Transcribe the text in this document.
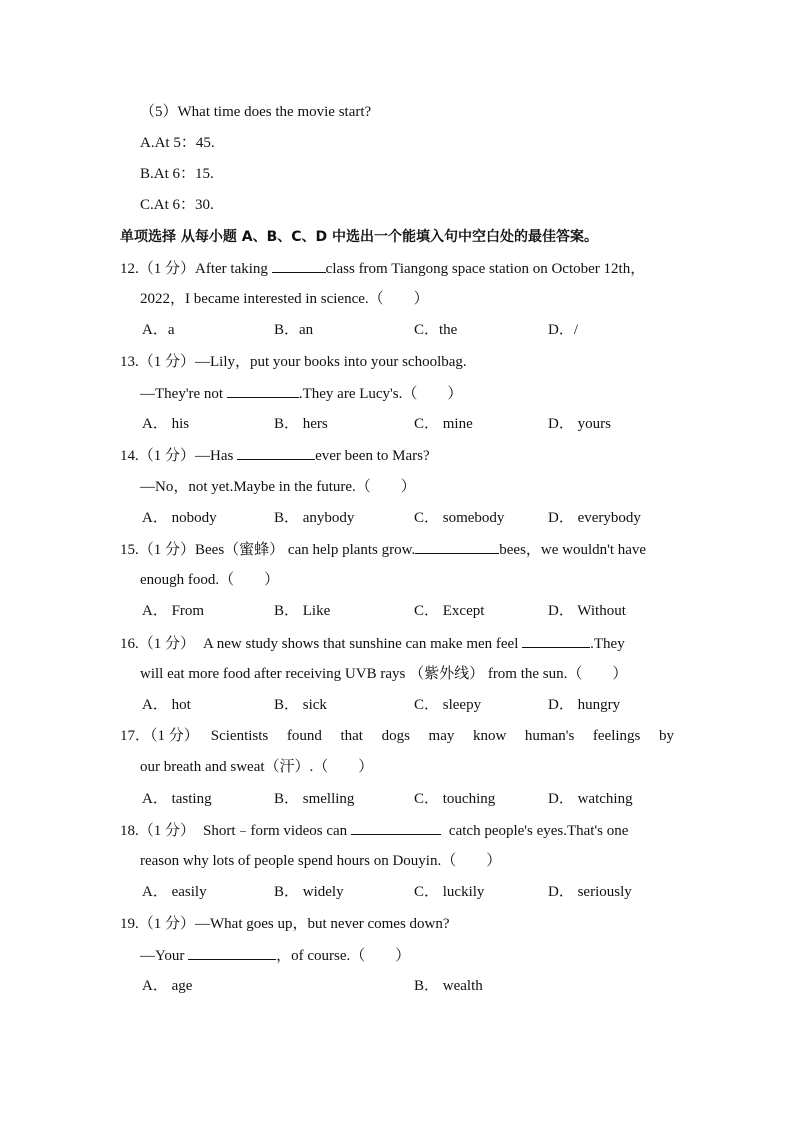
（5）What time does the movie start?
A.At 5：45.
B.At 6：15.
C.At 6：30.
单项选择 从每小题 A、B、C、D 中选出一个能填入句中空白处的最佳答案。
12.（1 分）After taking	class from Tiangong space station on October 12th，
2022，I became interested in science.（　　）
A．a	B．an	C．the	D．/
13.（1 分）—Lily，put your books into your schoolbag.
—They're not	.They are Lucy's.（　　）
A． his	B． hers	C． mine	D． yours
14.（1 分）—Has	ever been to Mars?
—No，not yet.Maybe in the future.（　　）
A． nobody	B． anybody	C． somebody	D． everybody
15.（1 分）Bees（蜜蜂） can help plants grow.	bees，we wouldn't have
enough food.（　　）
A． From	B． Like	C． Except	D． Without
16.（1 分） A new study shows that sunshine can make men feel	.They
will eat more food after receiving UVB rays （紫外线） from the sun.（　　）
A． hot	B． sick	C． sleepy	D． hungry
17．（1 分） Scientists found that dogs may know human's feelings by
our breath and sweat（汗）.（　　）
A． tasting	B． smelling	C． touching	D． watching
18.（1 分） Short﹣form videos can	catch people's eyes.That's one
reason why lots of people spend hours on Douyin.（　　）
A． easily	B． widely	C． luckily	D． seriously
19.（1 分）—What goes up，but never comes down?
—Your	，of course.（　　）
A． age	B． wealth
